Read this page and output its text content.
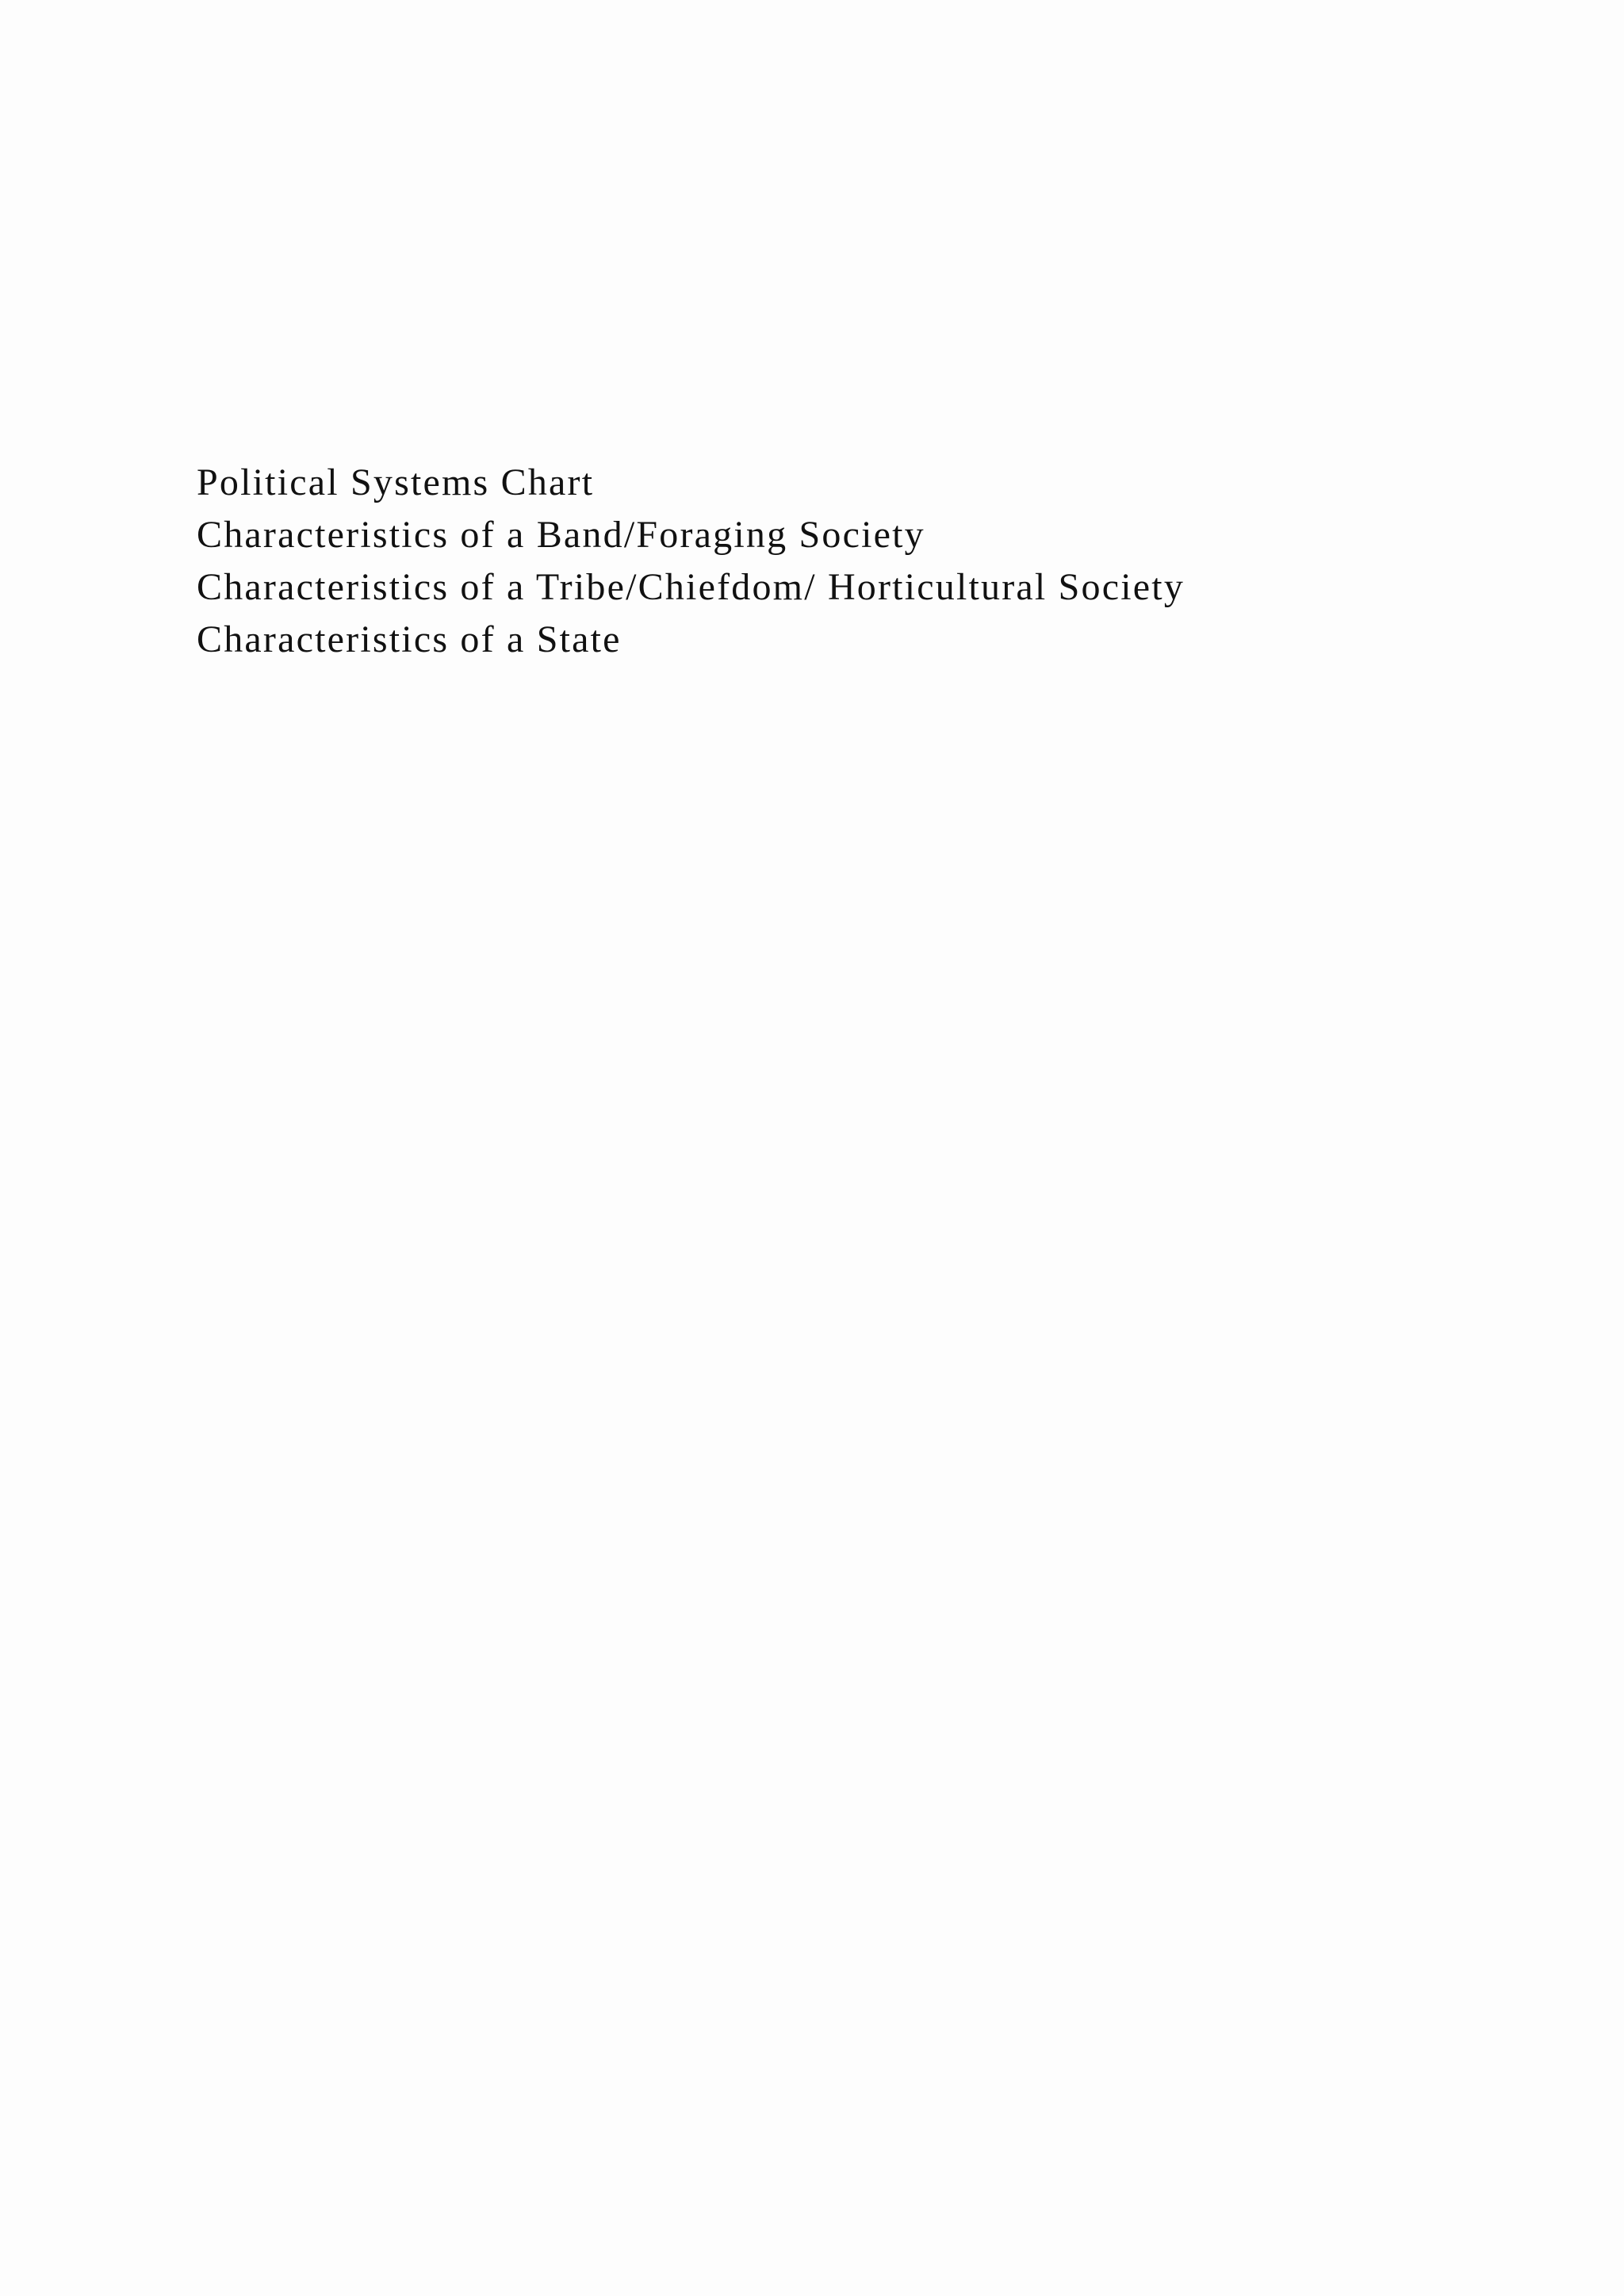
Political Systems Chart
Characteristics of a Band/Foraging Society
Characteristics of a Tribe/Chiefdom/ Horticultural Society
Characteristics of a State
